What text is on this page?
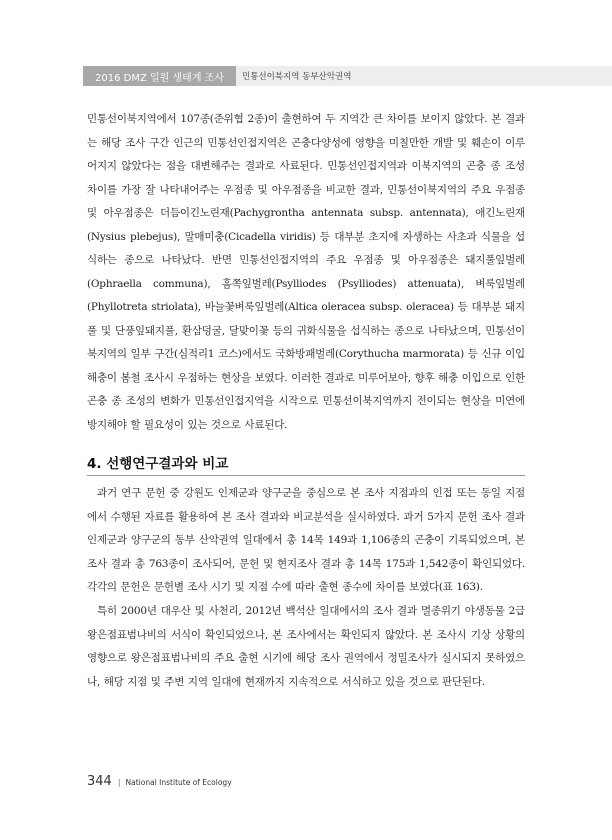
2016 DMZ 일원 생태계 조사	민통선이북지역 동부산악권역
민통선이북지역에서 107종(준위협 2종)이 출현하여 두 지역간 큰 차이를 보이지 않았다. 본 결과는 해당 조사 구간 인근의 민통선인접지역은 곤충다양성에 영향을 미칠만한 개발 및 훼손이 이루어지지 않았다는 점을 대변해주는 결과로 사료된다. 민통선인접지역과 이북지역의 곤충 종 조성 차이를 가장 잘 나타내어주는 우점종 및 아우점종을 비교한 결과, 민통선이북지역의 주요 우점종 및 아우점종은 더듬이긴노린재(Pachygrontha antennata subsp. antennata), 애긴노린재(Nysius plebejus), 말매미충(Cicadella viridis) 등 대부분 초지에 자생하는 사초과 식물을 섭식하는 종으로 나타났다. 반면 민통선인접지역의 주요 우점종 및 아우점종은 돼지풀잎벌레(Ophraella communa), 홈쪽잎벌레(Psylliodes (Psylliodes) attenuata), 벼룩잎벌레(Phyllotreta striolata), 바늘꽃벼룩잎벌레(Altica oleracea subsp. oleracea) 등 대부분 돼지풀 및 단풍잎돼지풀, 환삼덩굴, 달맞이꽃 등의 귀화식물을 섭식하는 종으로 나타났으며, 민통선이북지역의 일부 구간(심적리1 코스)에서도 국화방패벌레(Corythucha marmorata) 등 신규 이입 해충이 봄철 조사시 우점하는 현상을 보였다. 이러한 결과로 미루어보아, 향후 해충 이입으로 인한 곤충 종 조성의 변화가 민통선인접지역을 시작으로 민통선이북지역까지 전이되는 현상을 미연에 방지해야 할 필요성이 있는 것으로 사료된다.
4. 선행연구결과와 비교
과거 연구 문헌 중 강원도 인제군과 양구군을 중심으로 본 조사 지점과의 인접 또는 동일 지점에서 수행된 자료를 활용하여 본 조사 결과와 비교분석을 실시하였다. 과거 5가지 문헌 조사 결과 인제군과 양구군의 동부 산악권역 일대에서 총 14목 149과 1,106종의 곤충이 기록되었으며, 본 조사 결과 총 763종이 조사되어, 문헌 및 현지조사 결과 총 14목 175과 1,542종이 확인되었다. 각각의 문헌은 문헌별 조사 시기 및 지점 수에 따라 출현 종수에 차이를 보였다(표 163).
특히 2000년 대우산 및 사천리, 2012년 백석산 일대에서의 조사 결과 멸종위기 야생동물 2급 왕은점표범나비의 서식이 확인되었으나, 본 조사에서는 확인되지 않았다. 본 조사시 기상 상황의 영향으로 왕은점표범나비의 주요 출현 시기에 해당 조사 권역에서 정밀조사가 실시되지 못하였으나, 해당 지점 및 주변 지역 일대에 현재까지 지속적으로 서식하고 있을 것으로 판단된다.
344 | National Institute of Ecology
